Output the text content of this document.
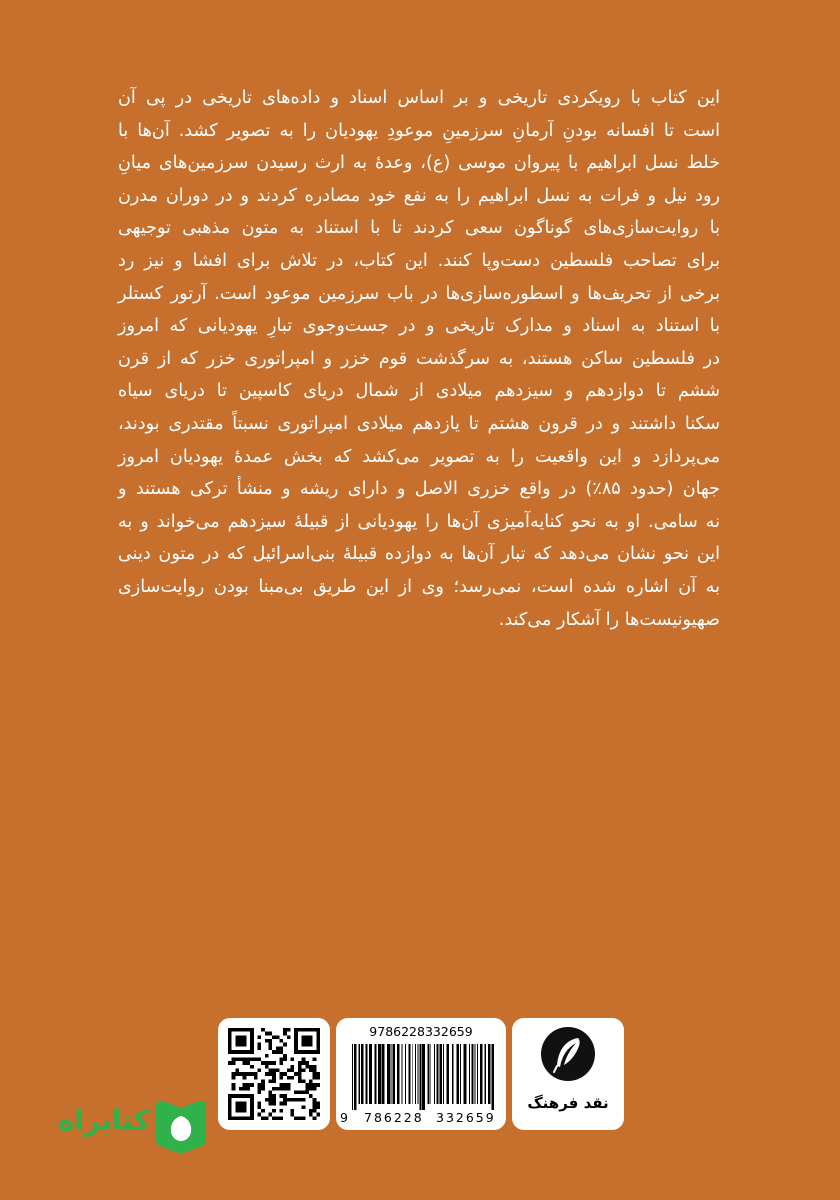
این کتاب با رویکردی تاریخی و بر اساس اسناد و داده‌های تاریخی در پی آن
است تا افسانه بودنِ آرمانِ سرزمینِ موعودِ یهودیان را به تصویر کشد. آن‌ها با
خلط نسل ابراهیم با پیروان موسی (ع)، وعدهٔ به ارث رسیدن سرزمین‌های میانِ
رود نیل و فرات به نسل ابراهیم را به نفع خود مصادره کردند و در دوران مدرن
با روایت‌سازی‌های گوناگون سعی کردند تا با استناد به متون مذهبی توجیهی
برای تصاحب فلسطین دست‌وپا کنند. این کتاب، در تلاش برای افشا و نیز رد
برخی از تحریف‌ها و اسطوره‌سازی‌ها در باب سرزمین موعود است. آرتور کستلر
با استناد به اسناد و مدارک تاریخی و در جست‌وجوی تبارِ یهودیانی که امروز
در فلسطین ساکن هستند، به سرگذشت قوم خزر و امپراتوری خزر که از قرن
ششم تا دوازدهم و سیزدهم میلادی از شمال دریای کاسپین تا دریای سیاه
سکنا داشتند و در قرون هشتم تا یازدهم میلادی امپراتوری نسبتاً مقتدری بودند،
می‌پردازد و این واقعیت را به تصویر می‌کشد که بخش عمدهٔ یهودیان امروز
جهان (حدود ۸۵٪) در واقع خزری الاصل و دارای ریشه و منشأ ترکی هستند و
نه سامی. او به نحو کنایه‌آمیزی آن‌ها را یهودیانی از قبیلهٔ سیزدهم می‌خواند و به
این نحو نشان می‌دهد که تبار آن‌ها به دوازده قبیلهٔ بنی‌اسرائیل که در متون دینی
به آن اشاره شده است، نمی‌رسد؛ وی از این طریق بی‌مبنا بودن روایت‌سازی
صهیونیست‌ها را آشکار می‌کند.
9786228332659
9 786228 332659
نقد فرهنگ
کتابراه
